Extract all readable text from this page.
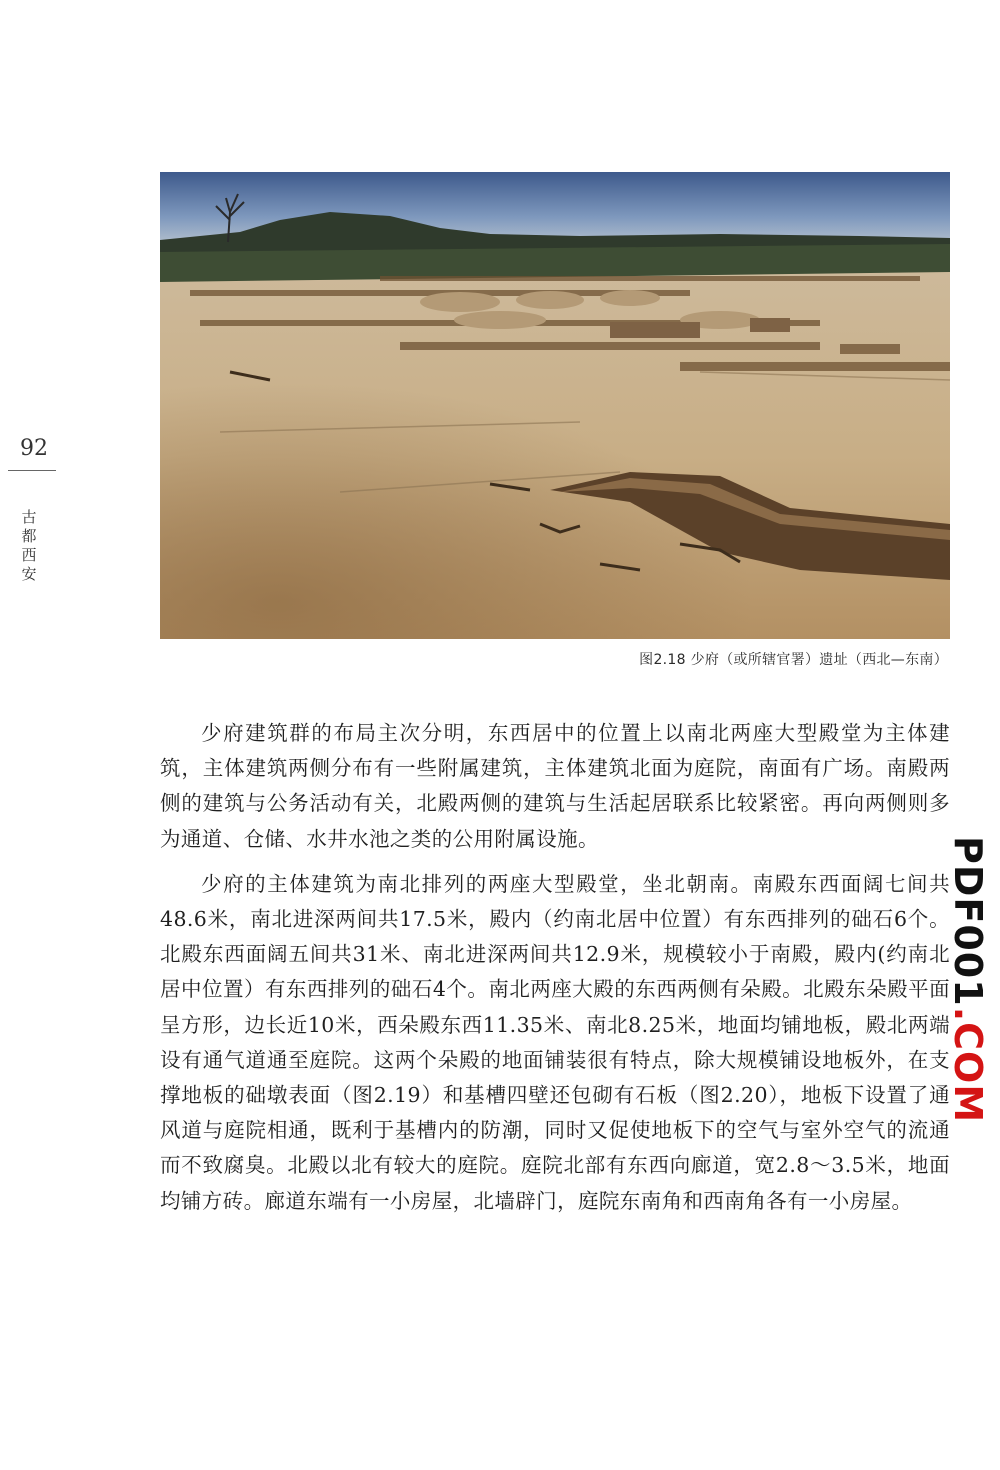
92
古
都
西
安
图2.18 少府（或所辖官署）遗址（西北—东南）

少府建筑群的布局主次分明，东西居中的位置上以南北两座大型殿堂为主体建筑，主体建筑两侧分布有一些附属建筑，主体建筑北面为庭院，南面有广场。南殿两侧的建筑与公务活动有关，北殿两侧的建筑与生活起居联系比较紧密。再向两侧则多为通道、仓储、水井水池之类的公用附属设施。

少府的主体建筑为南北排列的两座大型殿堂，坐北朝南。南殿东西面阔七间共48.6米，南北进深两间共17.5米，殿内（约南北居中位置）有东西排列的础石6个。北殿东西面阔五间共31米、南北进深两间共12.9米，规模较小于南殿，殿内(约南北居中位置）有东西排列的础石4个。南北两座大殿的东西两侧有朵殿。北殿东朵殿平面呈方形，边长近10米，西朵殿东西11.35米、南北8.25米，地面均铺地板，殿北两端设有通气道通至庭院。这两个朵殿的地面铺装很有特点，除大规模铺设地板外，在支撑地板的础墩表面（图2.19）和基槽四壁还包砌有石板（图2.20），地板下设置了通风道与庭院相通，既利于基槽内的防潮，同时又促使地板下的空气与室外空气的流通而不致腐臭。北殿以北有较大的庭院。庭院北部有东西向廊道，宽2.8～3.5米，地面均铺方砖。廊道东端有一小房屋，北墙辟门，庭院东南角和西南角各有一小房屋。

PDF001.COM
